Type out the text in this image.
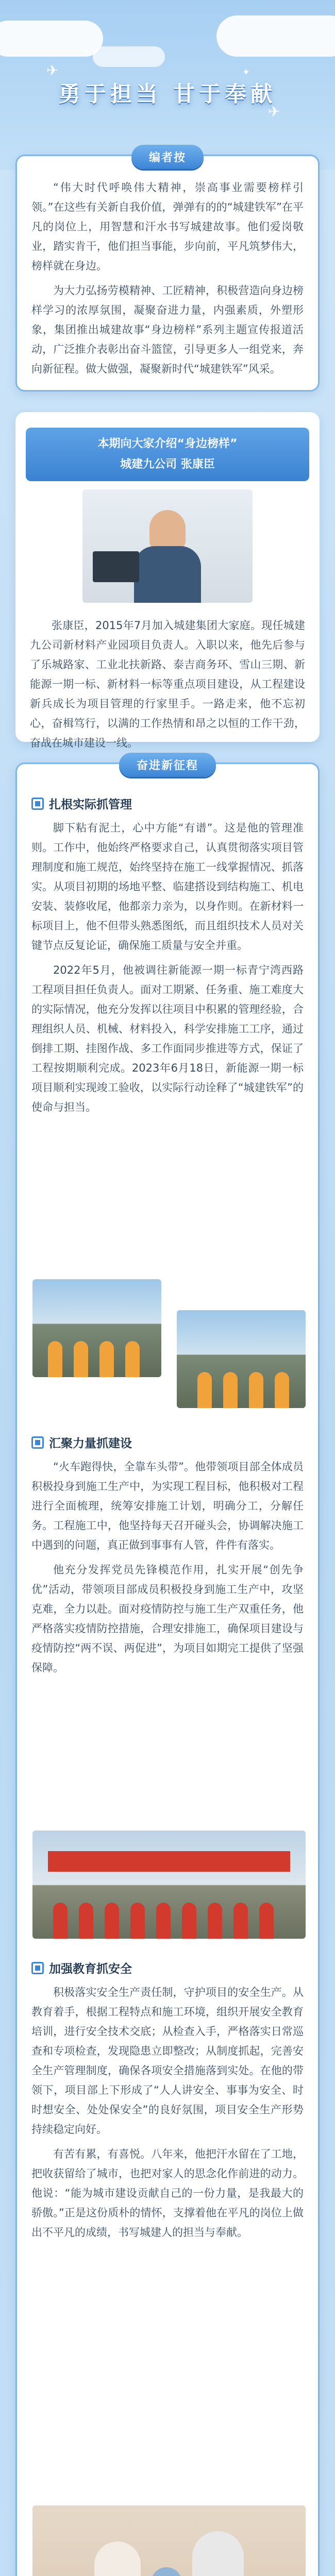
✈
✈
✦
✦
勇于担当 甘于奉献
编者按

“伟大时代呼唤伟大精神，崇高事业需要榜样引领。”在这些有关新自我价值，弹弹有的的“城建铁军”在平凡的岗位上，用智慧和汗水书写城建故事。他们爱岗敬业，踏实肯干，他们担当事能，步向前，平凡筑梦伟大，榜样就在身边。

为大力弘扬劳模精神、工匠精神，积极营造向身边榜样学习的浓厚氛围，凝聚奋进力量，内强素质，外塑形象，集团推出城建故事“身边榜样”系列主题宣传报道活动，广泛推介表彰出奋斗篮筐，引导更多人一组党来，奔向新征程。做大做强，凝聚新时代“城建铁军”风采。

本期向大家介绍“身边榜样”
城建九公司 张康臣

张康臣，2015年7月加入城建集团大家庭。现任城建九公司新材料产业园项目负责人。入职以来，他先后参与了乐城路家、工业北扶新路、泰吉商务环、雪山三期、新能源一期一标、新材料一标等重点项目建设，从工程建设新兵成长为项目管理的行家里手。一路走来，他不忘初心，奋楫笃行，以满的工作热情和昂之以恒的工作干劲，奋战在城市建设一线。

奋进新征程
扎根实际抓管理

脚下粘有泥土，心中方能“有谱”。这是他的管理准则。工作中，他始终严格要求自己，认真贯彻落实项目管理制度和施工规范，始终坚持在施工一线掌握情况、抓落实。从项目初期的场地平整、临建搭设到结构施工、机电安装、装修收尾，他都亲力亲为，以身作则。在新材料一标项目上，他不但带头熟悉图纸，而且组织技术人员对关键节点反复论证，确保施工质量与安全并重。

2022年5月，他被调往新能源一期一标青宁湾西路工程项目担任负责人。面对工期紧、任务重、施工难度大的实际情况，他充分发挥以往项目中积累的管理经验，合理组织人员、机械、材料投入，科学安排施工工序，通过倒排工期、挂图作战、多工作面同步推进等方式，保证了工程按期顺利完成。2023年6月18日，新能源一期一标项目顺利实现竣工验收，以实际行动诠释了“城建铁军”的使命与担当。

汇聚力量抓建设

“火车跑得快，全靠车头带”。他带领项目部全体成员积极投身到施工生产中，为实现工程目标，他积极对工程进行全面梳理，统筹安排施工计划，明确分工，分解任务。工程施工中，他坚持每天召开碰头会，协调解决施工中遇到的问题，真正做到事事有人管，件件有落实。

他充分发挥党员先锋模范作用，扎实开展“创先争优”活动，带领项目部成员积极投身到施工生产中，攻坚克难，全力以赴。面对疫情防控与施工生产双重任务，他严格落实疫情防控措施，合理安排施工，确保项目建设与疫情防控“两不误、两促进”，为项目如期完工提供了坚强保障。

加强教育抓安全

积极落实安全生产责任制，守护项目的安全生产。从教育着手，根据工程特点和施工环境，组织开展安全教育培训，进行安全技术交底；从检查入手，严格落实日常巡查和专项检查，发现隐患立即整改；从制度抓起，完善安全生产管理制度，确保各项安全措施落到实处。在他的带领下，项目部上下形成了“人人讲安全、事事为安全、时时想安全、处处保安全”的良好氛围，项目安全生产形势持续稳定向好。

有苦有累，有喜悦。八年来，他把汗水留在了工地，把收获留给了城市，也把对家人的思念化作前进的动力。他说：“能为城市建设贡献自己的一份力量，是我最大的骄傲。”正是这份质朴的情怀，支撑着他在平凡的岗位上做出不平凡的成绩，书写城建人的担当与奉献。
